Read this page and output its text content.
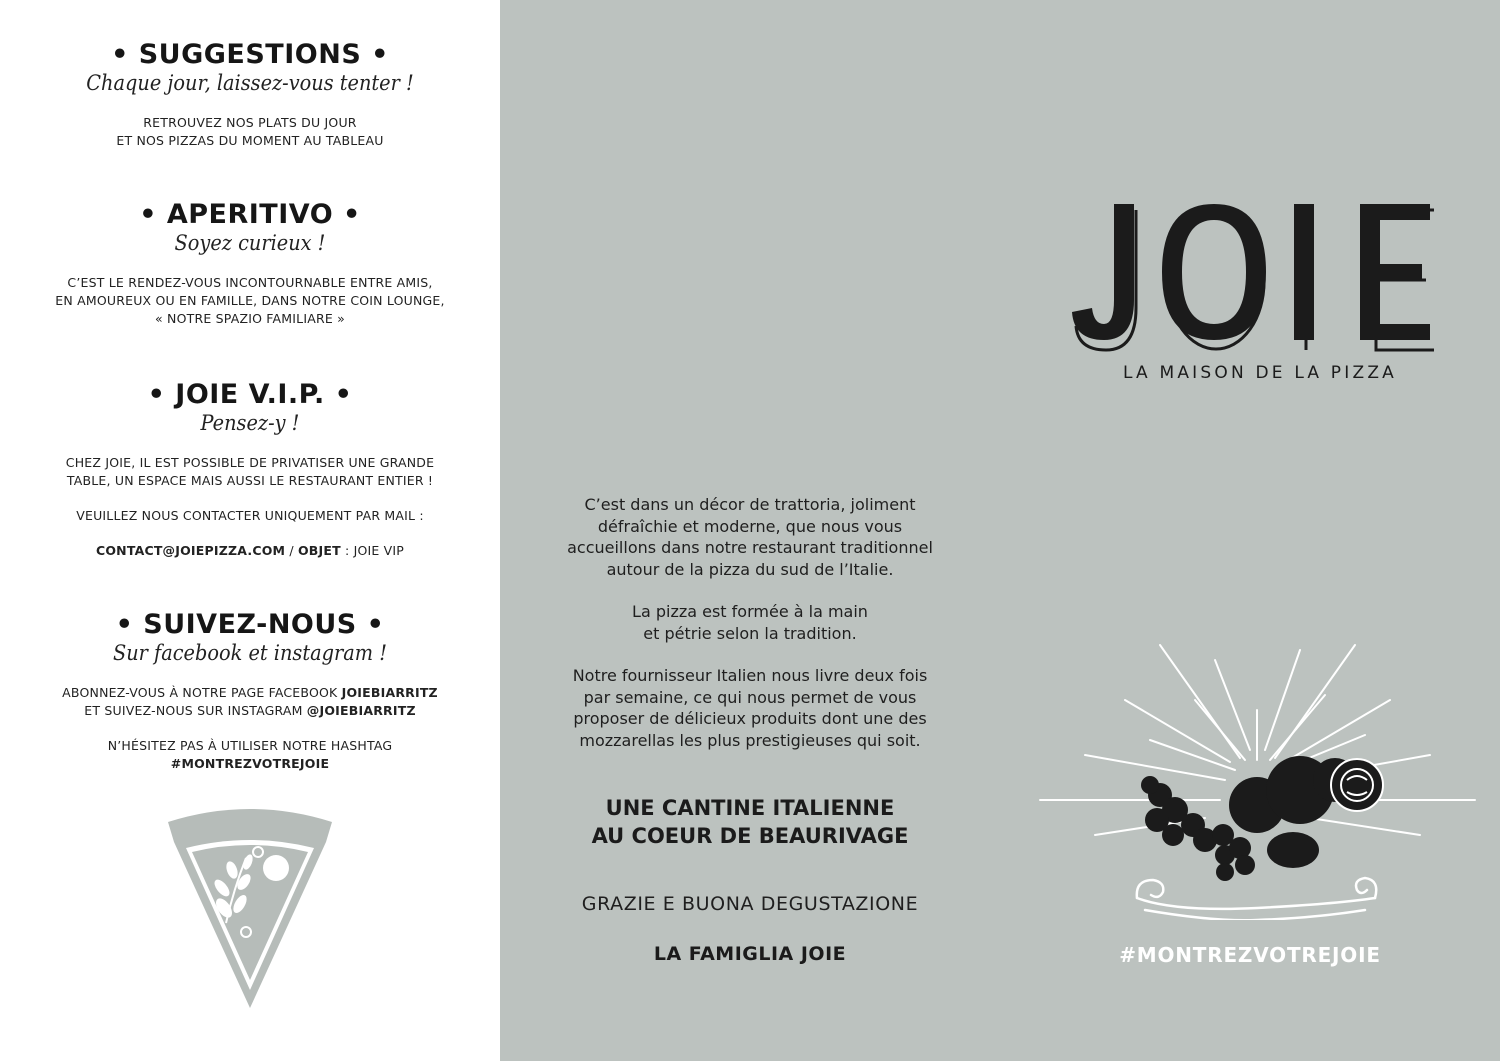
• SUGGESTIONS •
Chaque jour, laissez-vous tenter !
RETROUVEZ NOS PLATS DU JOUR
ET NOS PIZZAS DU MOMENT AU TABLEAU
• APERITIVO •
Soyez curieux !
C’EST LE RENDEZ-VOUS INCONTOURNABLE ENTRE AMIS,
EN AMOUREUX OU EN FAMILLE, DANS NOTRE COIN LOUNGE,
« NOTRE SPAZIO FAMILIARE »
• JOIE V.I.P. •
Pensez-y !
CHEZ JOIE, IL EST POSSIBLE DE PRIVATISER UNE GRANDE
TABLE, UN ESPACE MAIS AUSSI LE RESTAURANT ENTIER !
VEUILLEZ NOUS CONTACTER UNIQUEMENT PAR MAIL :
CONTACT@JOIEPIZZA.COM / OBJET : JOIE VIP
• SUIVEZ-NOUS •
Sur facebook et instagram !
ABONNEZ-VOUS À NOTRE PAGE FACEBOOK JOIEBIARRITZ
ET SUIVEZ-NOUS SUR INSTAGRAM @JOIEBIARRITZ
N’HÉSITEZ PAS À UTILISER NOTRE HASHTAG
#MONTREZVOTREJOIE
LA MAISON DE LA PIZZA
C’est dans un décor de trattoria, joliment
défraîchie et moderne, que nous vous
accueillons dans notre restaurant traditionnel
autour de la pizza du sud de l’Italie.
La pizza est formée à la main
et pétrie selon la tradition.
Notre fournisseur Italien nous livre deux fois
par semaine, ce qui nous permet de vous
proposer de délicieux produits dont une des
mozzarellas les plus prestigieuses qui soit.
UNE CANTINE ITALIENNE
AU COEUR DE BEAURIVAGE
GRAZIE E BUONA DEGUSTAZIONE
LA FAMIGLIA JOIE	#MONTREZVOTREJOIE
